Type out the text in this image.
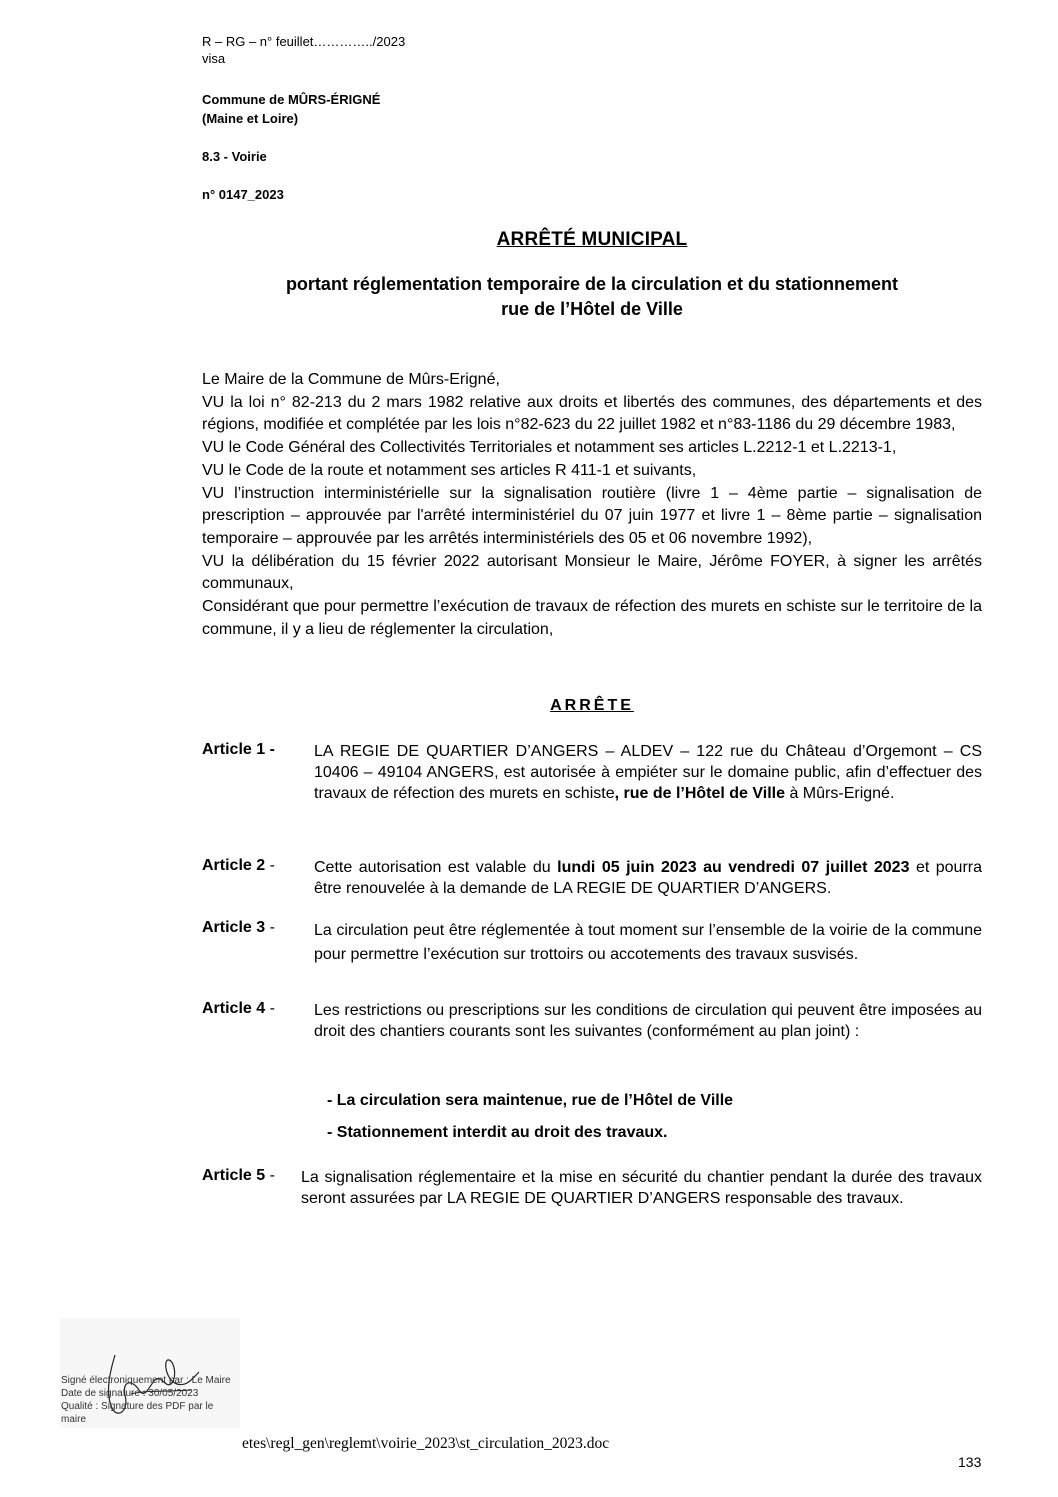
R – RG – n° feuillet…………../2023
visa
Commune de MÛRS-ÉRIGNÉ
(Maine et Loire)
8.3 - Voirie
n° 0147_2023
ARRÊTÉ MUNICIPAL
portant réglementation temporaire de la circulation et du stationnement
rue de l’Hôtel de Ville

Le Maire de la Commune de Mûrs-Erigné,

VU la loi n° 82-213 du 2 mars 1982 relative aux droits et libertés des communes, des départements et des régions, modifiée et complétée par les lois n°82-623 du 22 juillet 1982 et n°83-1186 du 29 décembre 1983,

VU le Code Général des Collectivités Territoriales et notamment ses articles L.2212-1 et L.2213-1,

VU le Code de la route et notamment ses articles R 411-1 et suivants,

VU l’instruction interministérielle sur la signalisation routière (livre 1 – 4ème partie – signalisation de prescription – approuvée par l'arrêté interministériel du 07 juin 1977 et livre 1 – 8ème partie – signalisation temporaire – approuvée par les arrêtés interministériels des 05 et 06 novembre 1992),

VU la délibération du 15 février 2022 autorisant Monsieur le Maire, Jérôme FOYER, à signer les arrêtés communaux,

Considérant que pour permettre l’exécution de travaux de réfection des murets en schiste sur le territoire de la commune, il y a lieu de réglementer la circulation,

ARRÊTE
Article 1 - LA REGIE DE QUARTIER D’ANGERS – ALDEV – 122 rue du Château d’Orgemont – CS 10406 – 49104 ANGERS, est autorisée à empiéter sur le domaine public, afin d’effectuer des travaux de réfection des murets en schiste, rue de l’Hôtel de Ville à Mûrs-Erigné.
Article 2 - Cette autorisation est valable du lundi 05 juin 2023 au vendredi 07 juillet 2023 et pourra être renouvelée à la demande de LA REGIE DE QUARTIER D’ANGERS.
Article 3 - La circulation peut être réglementée à tout moment sur l’ensemble de la voirie de la commune pour permettre l’exécution sur trottoirs ou accotements des travaux susvisés.
Article 4 - Les restrictions ou prescriptions sur les conditions de circulation qui peuvent être imposées au droit des chantiers courants sont les suivantes (conformément au plan joint) :
- La circulation sera maintenue, rue de l’Hôtel de Ville
- Stationnement interdit au droit des travaux.
Article 5 - La signalisation réglementaire et la mise en sécurité du chantier pendant la durée des travaux seront assurées par LA REGIE DE QUARTIER D’ANGERS responsable des travaux.
Signé électroniquement par : Le Maire
Date de signature : 30/05/2023
Qualité : Signature des PDF par le maire
etes\regl_gen\reglemt\voirie_2023\st_circulation_2023.doc
133
